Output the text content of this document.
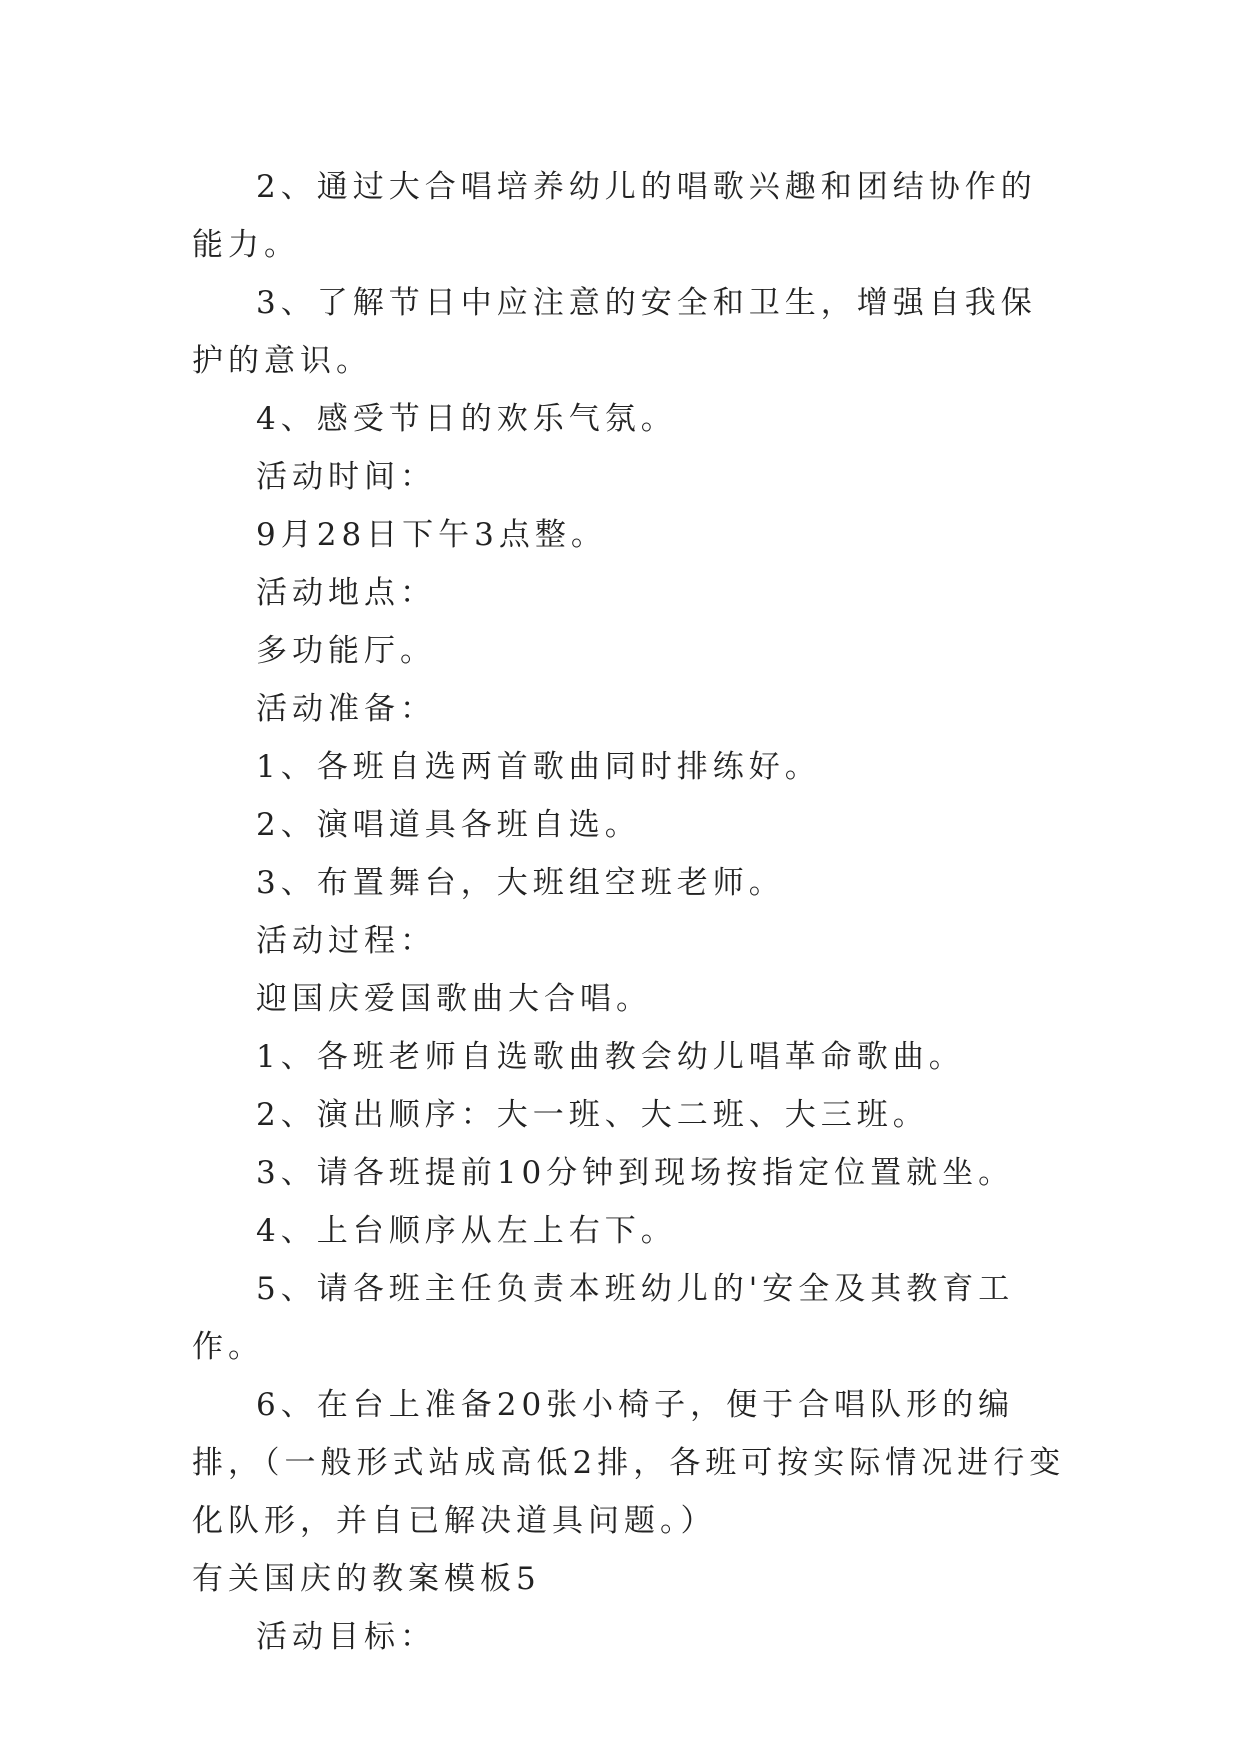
2、通过大合唱培养幼儿的唱歌兴趣和团结协作的能力。

3、了解节日中应注意的安全和卫生，增强自我保护的意识。

4、感受节日的欢乐气氛。

活动时间：

9月28日下午3点整。

活动地点：

多功能厅。

活动准备：

1、各班自选两首歌曲同时排练好。

2、演唱道具各班自选。

3、布置舞台，大班组空班老师。

活动过程：

迎国庆爱国歌曲大合唱。

1、各班老师自选歌曲教会幼儿唱革命歌曲。

2、演出顺序：大一班、大二班、大三班。

3、请各班提前10分钟到现场按指定位置就坐。

4、上台顺序从左上右下。

5、请各班主任负责本班幼儿的'安全及其教育工作。

6、在台上准备20张小椅子，便于合唱队形的编排，（一般形式站成高低2排，各班可按实际情况进行变化队形，并自已解决道具问题。）

有关国庆的教案模板5

活动目标：
